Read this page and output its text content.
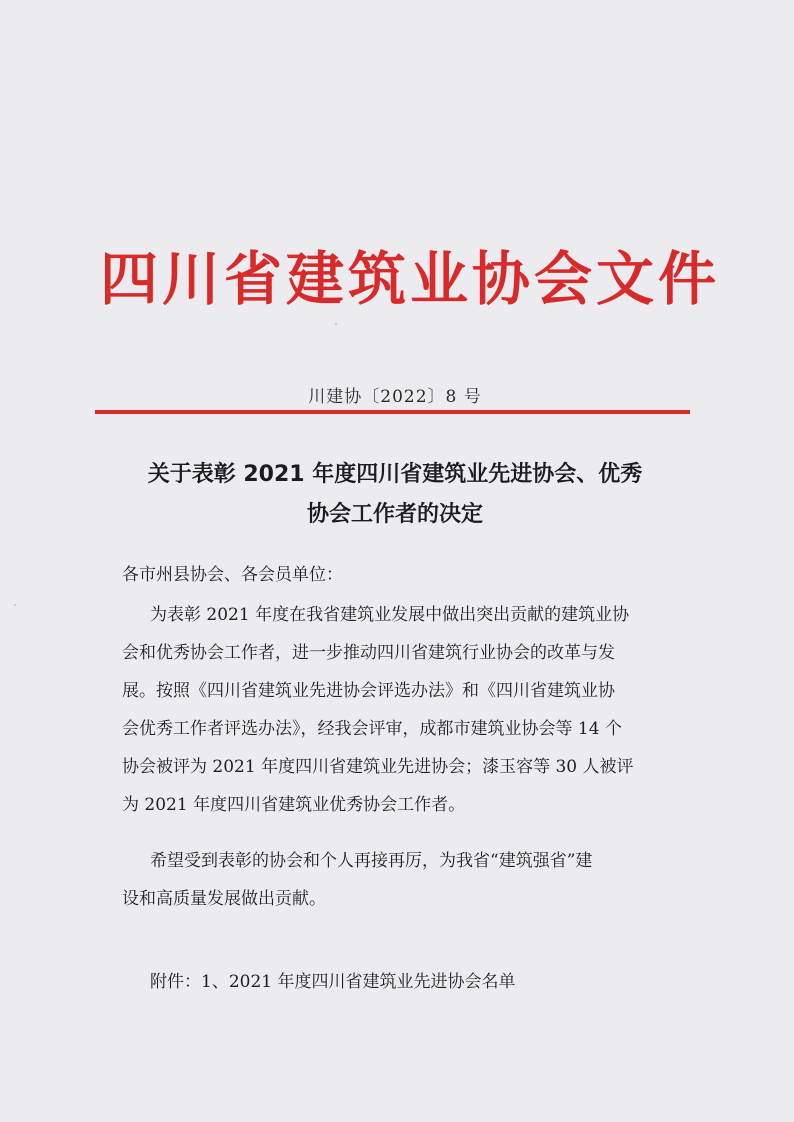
四川省建筑业协会文件
川建协〔2022〕8 号
关于表彰 2021 年度四川省建筑业先进协会、优秀
协会工作者的决定
各市州县协会、各会员单位：
为表彰 2021 年度在我省建筑业发展中做出突出贡献的建筑业协
会和优秀协会工作者，进一步推动四川省建筑行业协会的改革与发
展。按照《四川省建筑业先进协会评选办法》和《四川省建筑业协
会优秀工作者评选办法》，经我会评审，成都市建筑业协会等 14 个
协会被评为 2021 年度四川省建筑业先进协会；漆玉容等 30 人被评
为 2021 年度四川省建筑业优秀协会工作者。
希望受到表彰的协会和个人再接再厉，为我省“建筑强省”建
设和高质量发展做出贡献。
附件：1、2021 年度四川省建筑业先进协会名单
